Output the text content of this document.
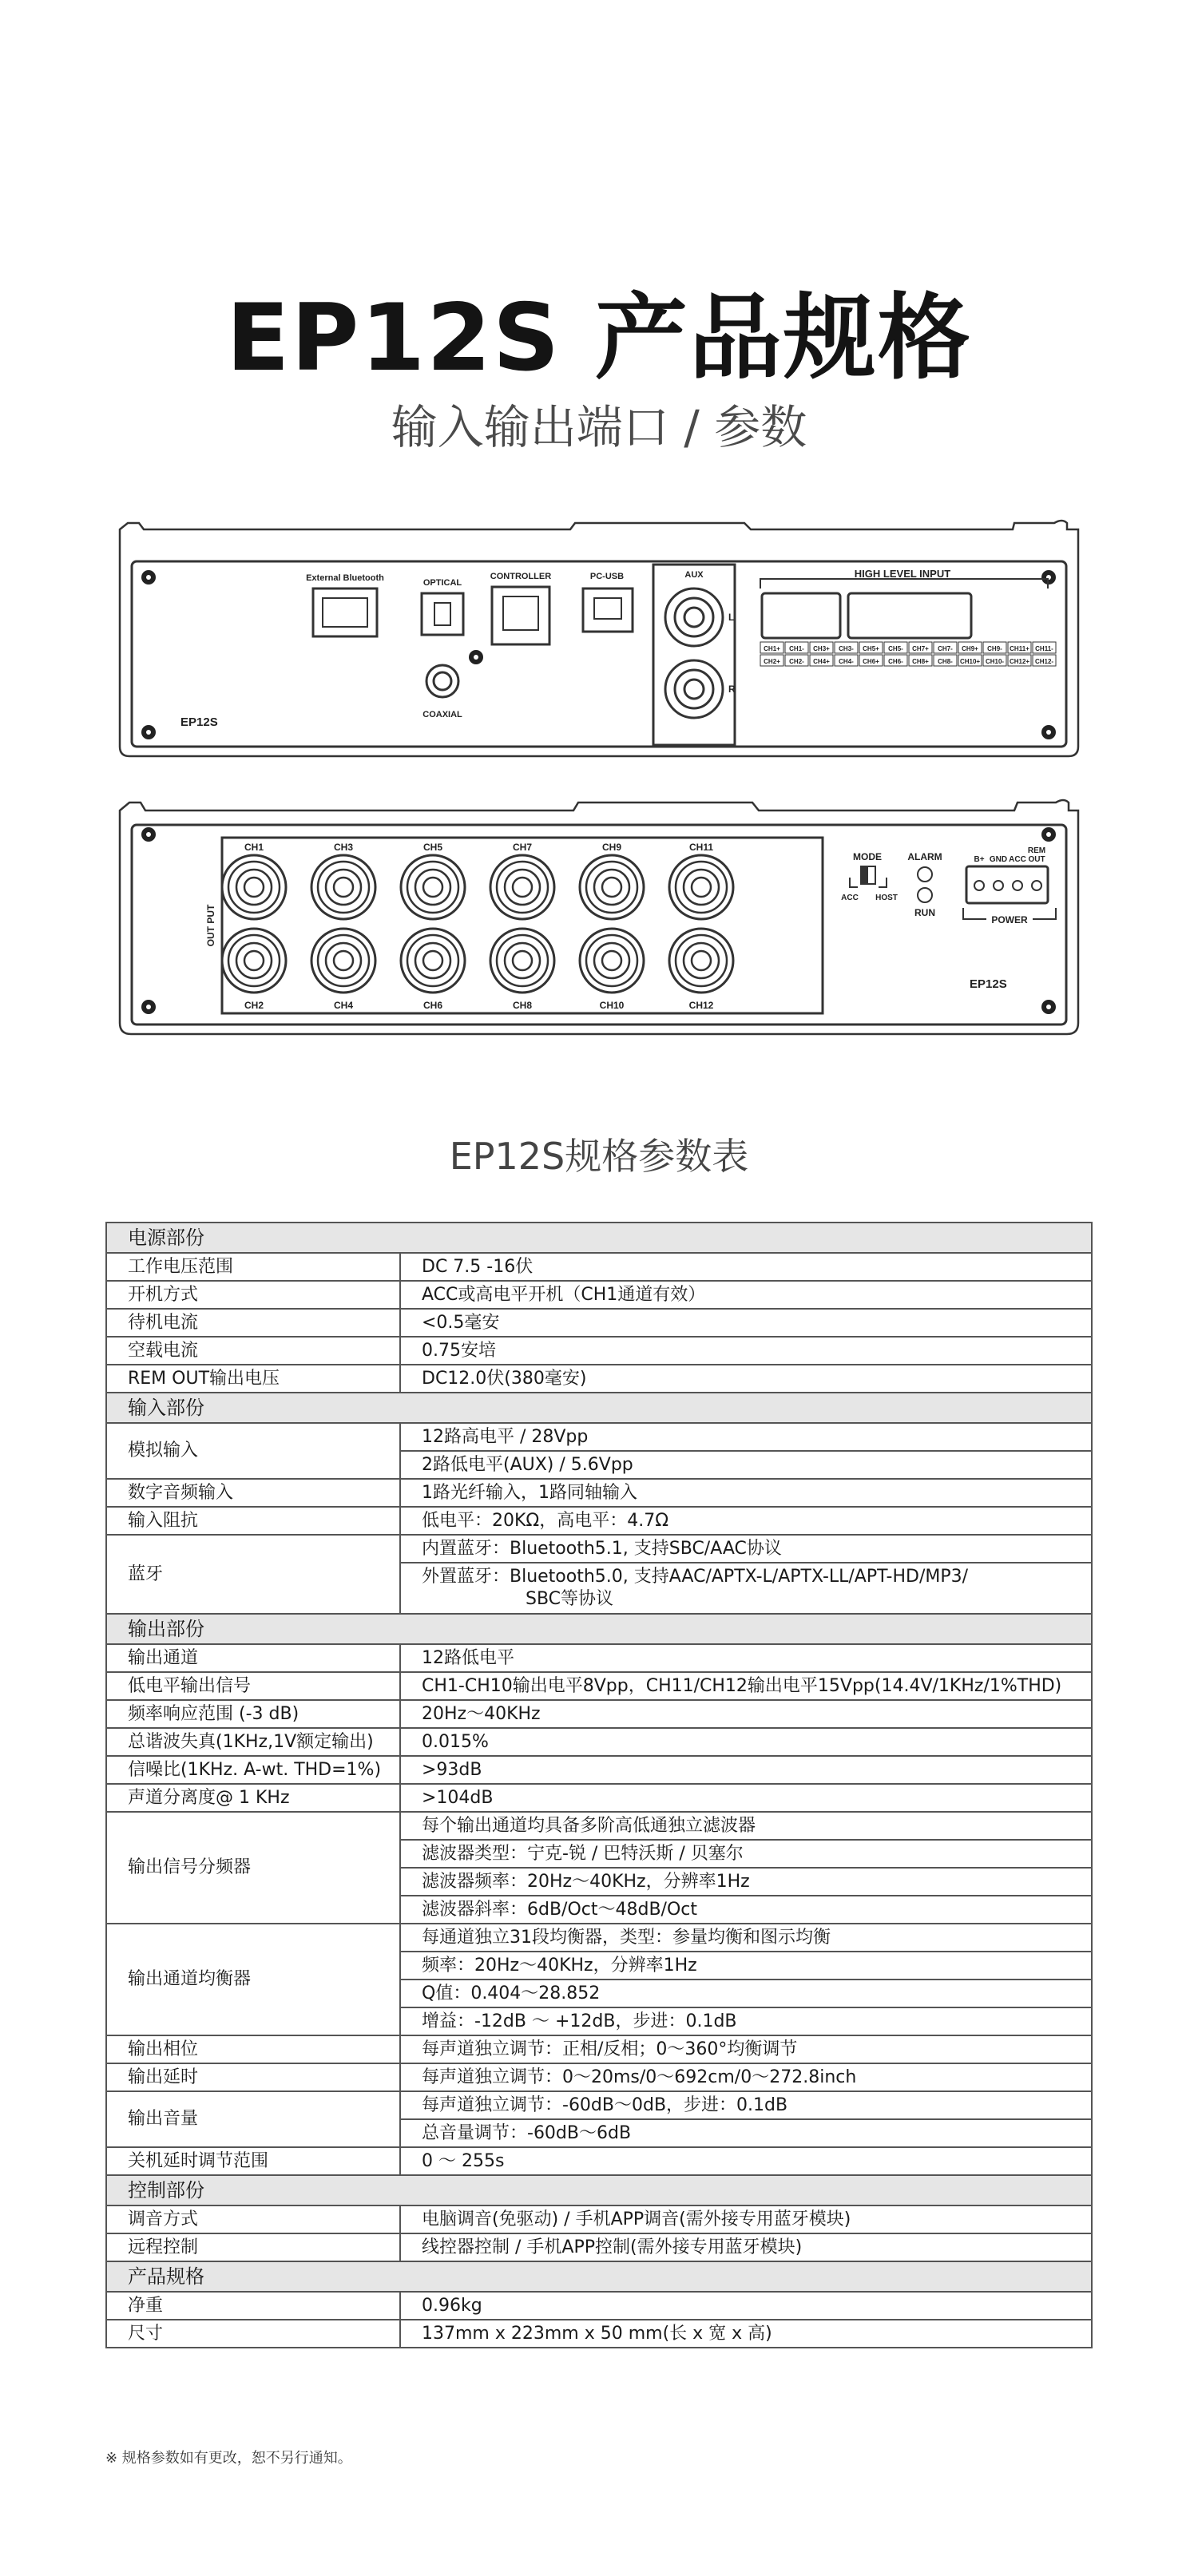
EP12S 产品规格
输入输出端口 / 参数
External Bluetooth	OPTICAL
COAXIAL
CONTROLLER	PC-USB	AUX
L
R
HIGH LEVEL INPUT
CH1+ CH1- CH3+ CH3- CH5+ CH5- CH7+ CH7- CH9+ CH9- CH11+ CH11-
CH2+ CH2- CH4+ CH4- CH6+ CH6- CH8+ CH8- CH10+ CH10- CH12+ CH12-
EP12S
OUT PUT
CH1	CH3	CH5	CH7	CH9	CH11
CH2	CH4	CH6	CH8	CH10	CH12
MODE
ACC HOST
ALARM
RUN
B+ GND ACC
REM
OUT
POWER
EP12S
EP12S规格参数表
电源部份	
工作电压范围	DC 7.5 -16伏
开机方式	ACC或高电平开机（CH1通道有效）
待机电流	<0.5毫安
空载电流	0.75安培
REM OUT输出电压	DC12.0伏(380毫安)
输入部份	
模拟输入	12路高电平 / 28Vpp
	2路低电平(AUX) / 5.6Vpp
数字音频输入	1路光纤输入，1路同轴输入
输入阻抗	低电平：20KΩ，高电平：4.7Ω
蓝牙	内置蓝牙：Bluetooth5.1, 支持SBC/AAC协议

	外置蓝牙：Bluetooth5.0, 支持AAC/APTX-L/APTX-LL/APT-HD/MP3/
SBC等协议

输出部份	
输出通道	12路低电平
低电平输出信号	CH1-CH10输出电平8Vpp，CH11/CH12输出电平15Vpp(14.4V/1KHz/1%THD)
频率响应范围 (-3 dB)	20Hz～40KHz
总谐波失真(1KHz,1V额定输出)	0.015%
信噪比(1KHz. A-wt. THD=1%)	>93dB
声道分离度@ 1 KHz	>104dB
输出信号分频器	每个输出通道均具备多阶高低通独立滤波器
	滤波器类型：宁克-锐 / 巴特沃斯 / 贝塞尔
	滤波器频率：20Hz～40KHz，分辨率1Hz
	滤波器斜率：6dB/Oct～48dB/Oct
输出通道均衡器	每通道独立31段均衡器，类型：参量均衡和图示均衡
	频率：20Hz～40KHz，分辨率1Hz
	Q值：0.404～28.852
	增益：-12dB ～ +12dB，步进：0.1dB
输出相位	每声道独立调节：正相/反相；0～360°均衡调节
输出延时	每声道独立调节：0～20ms/0～692cm/0～272.8inch
输出音量	每声道独立调节：-60dB～0dB，步进：0.1dB
	总音量调节：-60dB～6dB
关机延时调节范围	0 ～ 255s
控制部份	
调音方式	电脑调音(免驱动) / 手机APP调音(需外接专用蓝牙模块)
远程控制	线控器控制 / 手机APP控制(需外接专用蓝牙模块)
产品规格	
净重	0.96kg
尺寸	137mm x 223mm x 50 mm(长 x 宽 x 高)
※ 规格参数如有更改，恕不另行通知。
